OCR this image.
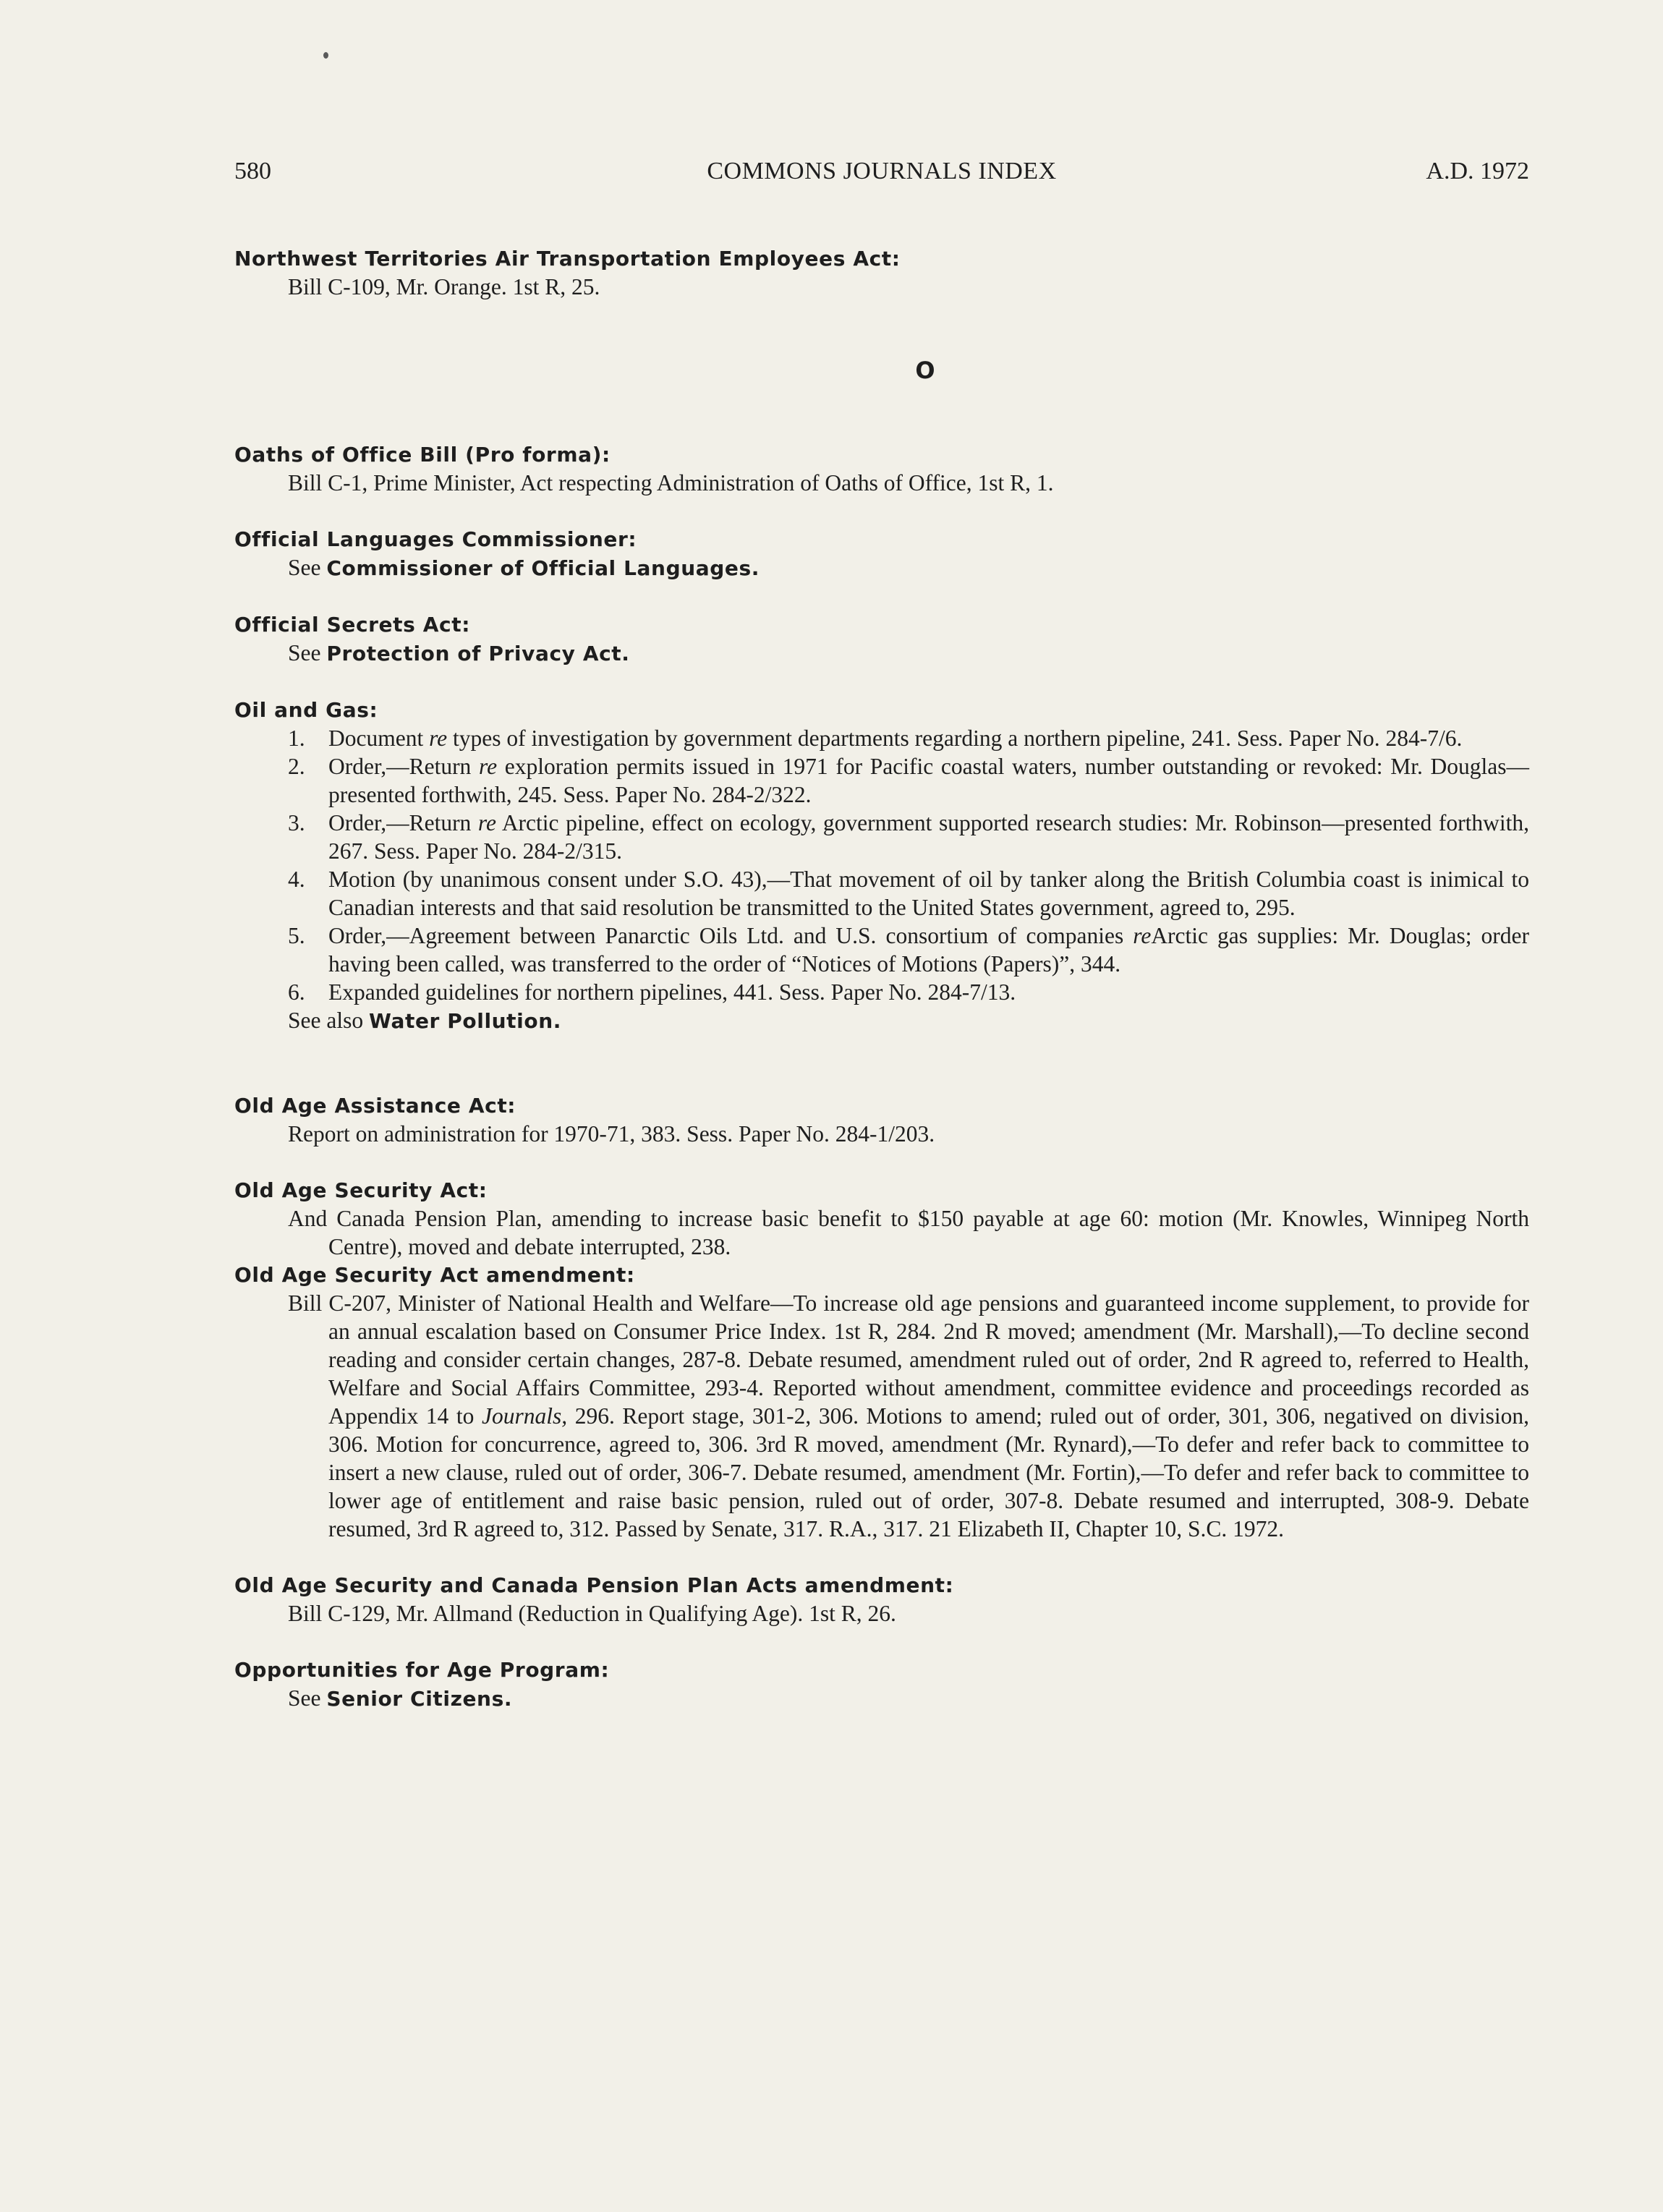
580	COMMONS JOURNALS INDEX	A.D. 1972
Northwest Territories Air Transportation Employees Act:
Bill C-109, Mr. Orange. 1st R, 25.
O
Oaths of Office Bill (Pro forma):
Bill C-1, Prime Minister, Act respecting Administration of Oaths of Office, 1st R, 1.
Official Languages Commissioner:
See Commissioner of Official Languages.
Official Secrets Act:
See Protection of Privacy Act.
Oil and Gas:
1. Document re types of investigation by government departments regarding a northern pipeline, 241. Sess. Paper No. 284-7/6.
2. Order,—Return re exploration permits issued in 1971 for Pacific coastal waters, number outstanding or revoked: Mr. Douglas—presented forthwith, 245. Sess. Paper No. 284-2/322.
3. Order,—Return re Arctic pipeline, effect on ecology, government supported research studies: Mr. Robinson—presented forthwith, 267. Sess. Paper No. 284-2/315.
4. Motion (by unanimous consent under S.O. 43),—That movement of oil by tanker along the British Columbia coast is inimical to Canadian interests and that said resolution be transmitted to the United States government, agreed to, 295.
5. Order,—Agreement between Panarctic Oils Ltd. and U.S. consortium of companies reArctic gas supplies: Mr. Douglas; order having been called, was transferred to the order of “Notices of Motions (Papers)”, 344.
6. Expanded guidelines for northern pipelines, 441. Sess. Paper No. 284-7/13.
See also Water Pollution.
Old Age Assistance Act:
Report on administration for 1970-71, 383. Sess. Paper No. 284-1/203.
Old Age Security Act:
And Canada Pension Plan, amending to increase basic benefit to $150 payable at age 60: motion (Mr. Knowles, Winnipeg North Centre), moved and debate interrupted, 238.
Old Age Security Act amendment:
Bill C-207, Minister of National Health and Welfare—To increase old age pensions and guaranteed income supplement, to provide for an annual escalation based on Consumer Price Index. 1st R, 284. 2nd R moved; amendment (Mr. Marshall),—To decline second reading and consider certain changes, 287-8. Debate resumed, amendment ruled out of order, 2nd R agreed to, referred to Health, Welfare and Social Affairs Committee, 293-4. Reported without amendment, committee evidence and proceedings recorded as Appendix 14 to Journals, 296. Report stage, 301-2, 306. Motions to amend; ruled out of order, 301, 306, negatived on division, 306. Motion for concurrence, agreed to, 306. 3rd R moved, amendment (Mr. Rynard),—To defer and refer back to committee to insert a new clause, ruled out of order, 306-7. Debate resumed, amendment (Mr. Fortin),—To defer and refer back to committee to lower age of entitlement and raise basic pension, ruled out of order, 307-8. Debate resumed and interrupted, 308-9. Debate resumed, 3rd R agreed to, 312. Passed by Senate, 317. R.A., 317. 21 Elizabeth II, Chapter 10, S.C. 1972.
Old Age Security and Canada Pension Plan Acts amendment:
Bill C-129, Mr. Allmand (Reduction in Qualifying Age). 1st R, 26.
Opportunities for Age Program:
See Senior Citizens.
